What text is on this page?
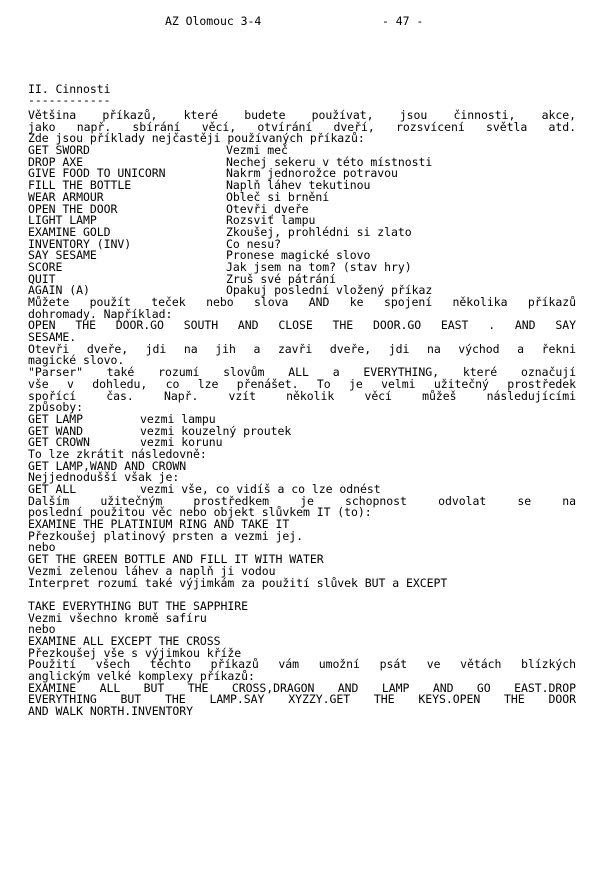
AZ Olomouc 3-4	- 47 -
II. Cinnosti
------------
Většina příkazů, které budete používat, jsou činnosti, akce,
jako např. sbírání věcí, otvírání dveří, rozsvícení světla atd.
Zde jsou příklady nejčastěji používaných příkazů:
GET SWORD	Vezmi meč
DROP AXE	Nechej sekeru v této místnosti
GIVE FOOD TO UNICORN	Nakrm jednorožce potravou
FILL THE BOTTLE	Naplň láhev tekutinou
WEAR ARMOUR	Obleč si brnění
OPEN THE DOOR	Otevři dveře
LIGHT LAMP	Rozsviť lampu
EXAMINE GOLD	Zkoušej, prohlédni si zlato
INVENTORY (INV)	Co nesu?
SAY SESAME	Pronese magické slovo
SCORE	Jak jsem na tom? (stav hry)
QUIT	Zruš své pátrání
AGAIN (A)	Opakuj poslední vložený příkaz
Můžete použít teček nebo slova AND ke spojení několika příkazů
dohromady. Například:
OPEN THE DOOR.GO SOUTH AND CLOSE THE DOOR.GO EAST . AND SAY
SESAME.
Otevři dveře, jdi na jih a zavři dveře, jdi na východ a řekni
magické slovo.
"Parser" také rozumí slovům ALL a EVERYTHING, které označují
vše v dohledu, co lze přenášet. To je velmi užitečný prostředek
spořící čas. Např. vzít několik věcí můžeš následujícími
způsoby:
GET LAMP	vezmi lampu
GET WAND	vezmi kouzelný proutek
GET CROWN	vezmi korunu
To lze zkrátit následovně:
GET LAMP,WAND AND CROWN
Nejjednodušší však je:
GET ALL	vezmi vše, co vidíš a co lze odnést
Dalším užitečným prostředkem je schopnost odvolat se na
poslední použitou věc nebo objekt slůvkem IT (to):
EXAMINE THE PLATINIUM RING AND TAKE IT
Přezkoušej platinový prsten a vezmi jej.
nebo
GET THE GREEN BOTTLE AND FILL IT WITH WATER
Vezmi zelenou láhev a naplň ji vodou
Interpret rozumí také výjimkám za použití slůvek BUT a EXCEPT
TAKE EVERYTHING BUT THE SAPPHIRE
Vezmi všechno kromě safíru
nebo
EXAMINE ALL EXCEPT THE CROSS
Přezkoušej vše s výjimkou kříže
Použití všech těchto příkazů vám umožní psát ve větách blízkých
anglickým velké komplexy příkazů:
EXAMINE ALL BUT THE CROSS,DRAGON AND LAMP AND GO EAST.DROP
EVERYTHING BUT THE LAMP.SAY XYZZY.GET THE KEYS.OPEN THE DOOR
AND WALK NORTH.INVENTORY
